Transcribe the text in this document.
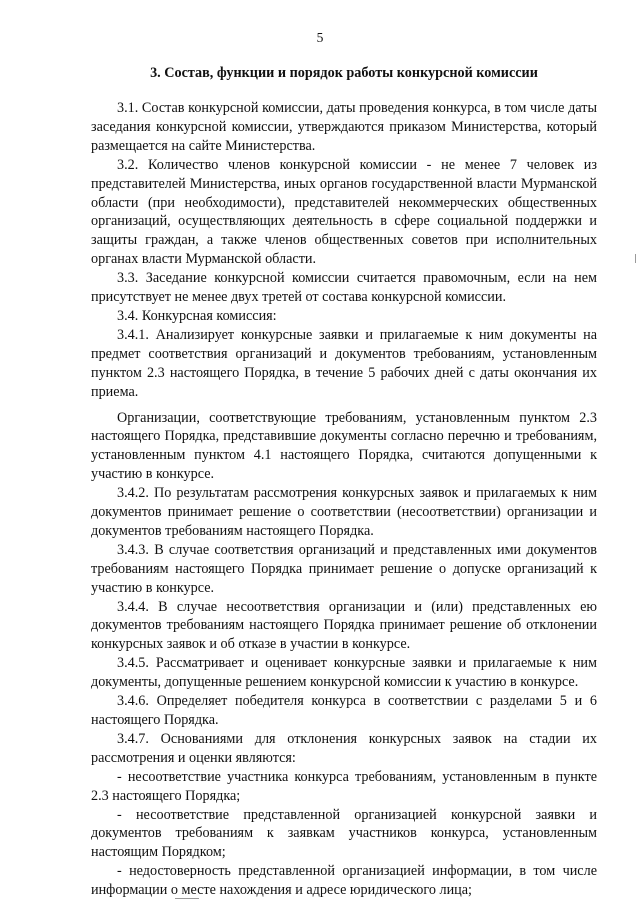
5
3. Состав, функции и порядок работы конкурсной комиссии

3.1. Состав конкурсной комиссии, даты проведения конкурса, в том числе даты заседания конкурсной комиссии, утверждаются приказом Министерства, который размещается на сайте Министерства.

3.2. Количество членов конкурсной комиссии - не менее 7 человек из представителей Министерства, иных органов государственной власти Мурманской области (при необходимости), представителей некоммерческих общественных организаций, осуществляющих деятельность в сфере социальной поддержки и защиты граждан, а также членов общественных советов при исполнительных органах власти Мурманской области.

3.3. Заседание конкурсной комиссии считается правомочным, если на нем присутствует не менее двух третей от состава конкурсной комиссии.

3.4. Конкурсная комиссия:

3.4.1. Анализирует конкурсные заявки и прилагаемые к ним документы на предмет соответствия организаций и документов требованиям, установленным пунктом 2.3 настоящего Порядка, в течение 5 рабочих дней с даты окончания их приема.

Организации, соответствующие требованиям, установленным пунктом 2.3 настоящего Порядка, представившие документы согласно перечню и требованиям, установленным пунктом 4.1 настоящего Порядка, считаются допущенными к участию в конкурсе.

3.4.2. По результатам рассмотрения конкурсных заявок и прилагаемых к ним документов принимает решение о соответствии (несоответствии) организации и документов требованиям настоящего Порядка.

3.4.3. В случае соответствия организаций и представленных ими документов требованиям настоящего Порядка принимает решение о допуске организаций к участию в конкурсе.

3.4.4. В случае несоответствия организации и (или) представленных ею документов требованиям настоящего Порядка принимает решение об отклонении конкурсных заявок и об отказе в участии в конкурсе.

3.4.5. Рассматривает и оценивает конкурсные заявки и прилагаемые к ним документы, допущенные решением конкурсной комиссии к участию в конкурсе.

3.4.6. Определяет победителя конкурса в соответствии с разделами 5 и 6 настоящего Порядка.

3.4.7. Основаниями для отклонения конкурсных заявок на стадии их рассмотрения и оценки являются:

- несоответствие участника конкурса требованиям, установленным в пункте 2.3 настоящего Порядка;

- несоответствие представленной организацией конкурсной заявки и документов требованиям к заявкам участников конкурса, установленным настоящим Порядком;

- недостоверность представленной организацией информации, в том числе информации о месте нахождения и адресе юридического лица;
